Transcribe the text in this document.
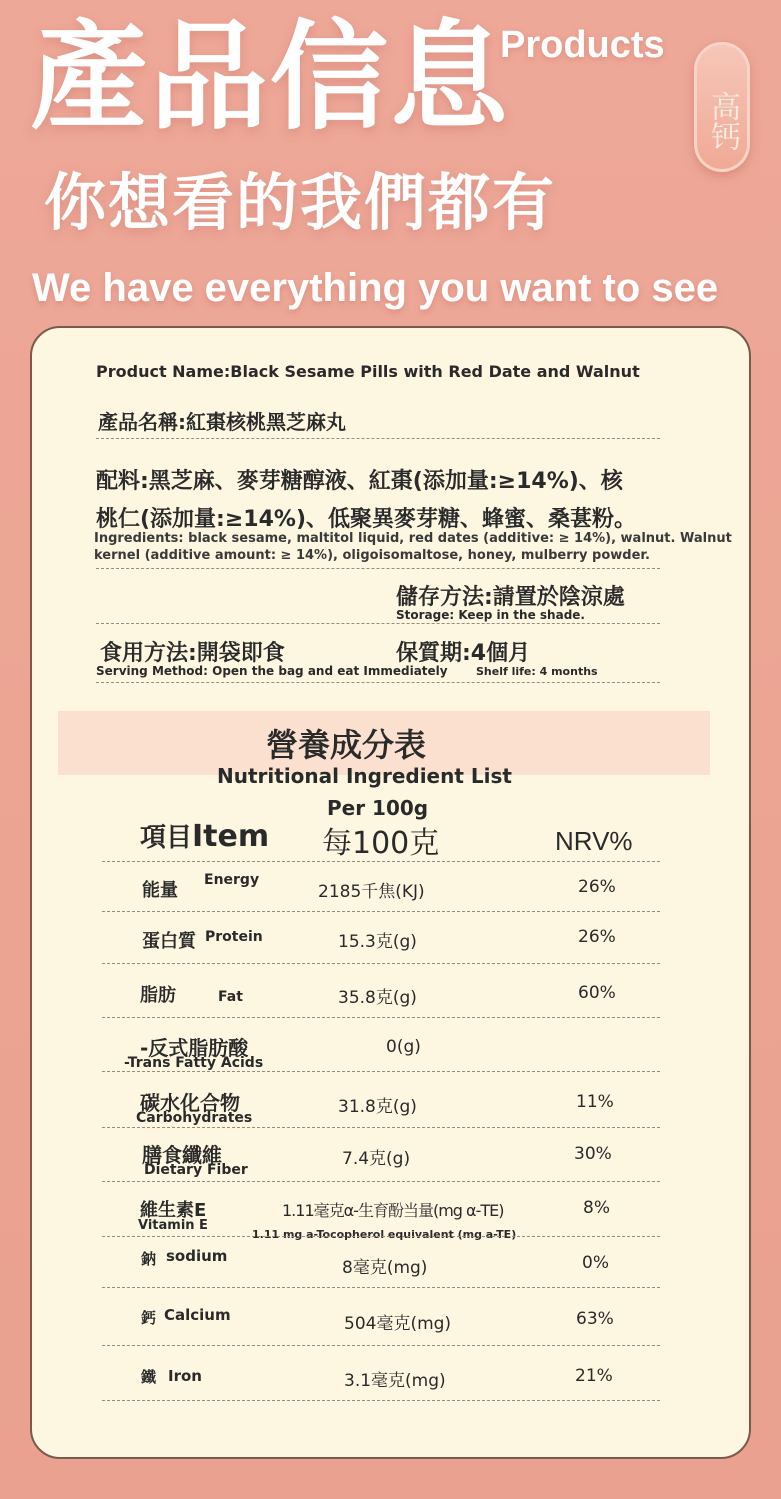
產品信息
Products
高钙
你想看的我們都有
We have everything you want to see
Product Name:Black Sesame Pills with Red Date and Walnut
產品名稱:紅棗核桃黑芝麻丸
配料:黑芝麻、麥芽糖醇液、紅棗(添加量:≥14%)、核
桃仁(添加量:≥14%)、低聚異麥芽糖、蜂蜜、桑葚粉。
Ingredients: black sesame, maltitol liquid, red dates (additive: ≥ 14%), walnut. Walnut
kernel (additive amount: ≥ 14%), oligoisomaltose, honey, mulberry powder.
儲存方法:請置於陰涼處
Storage: Keep in the shade.
食用方法:開袋即食	保質期:4個月
Serving Method: Open the bag and eat Immediately	Shelf life: 4 months
營養成分表
Nutritional Ingredient List
Per 100g
項目Item 每100克	NRV%
能量 Energy
2185千焦(KJ)	26%
蛋白質 Protein	15.3克(g)	26%
脂肪	Fat	35.8克(g)	60%
-反式脂肪酸
-Trans Fatty Acids
0(g)
碳水化合物
Carbohydrates
31.8克(g)	11%
膳食纖維
Dietary Fiber
7.4克(g)	30%
維生素E
Vitamin E
1.11毫克α-生育酚当量(mg α-TE)
1.11 mg a-Tocopherol equivalent (mg a-TE)
8%
鈉 sodium
8毫克(mg)	0%
鈣 Calcium	504毫克(mg)	63%
鐵 Iron	3.1毫克(mg)	21%
